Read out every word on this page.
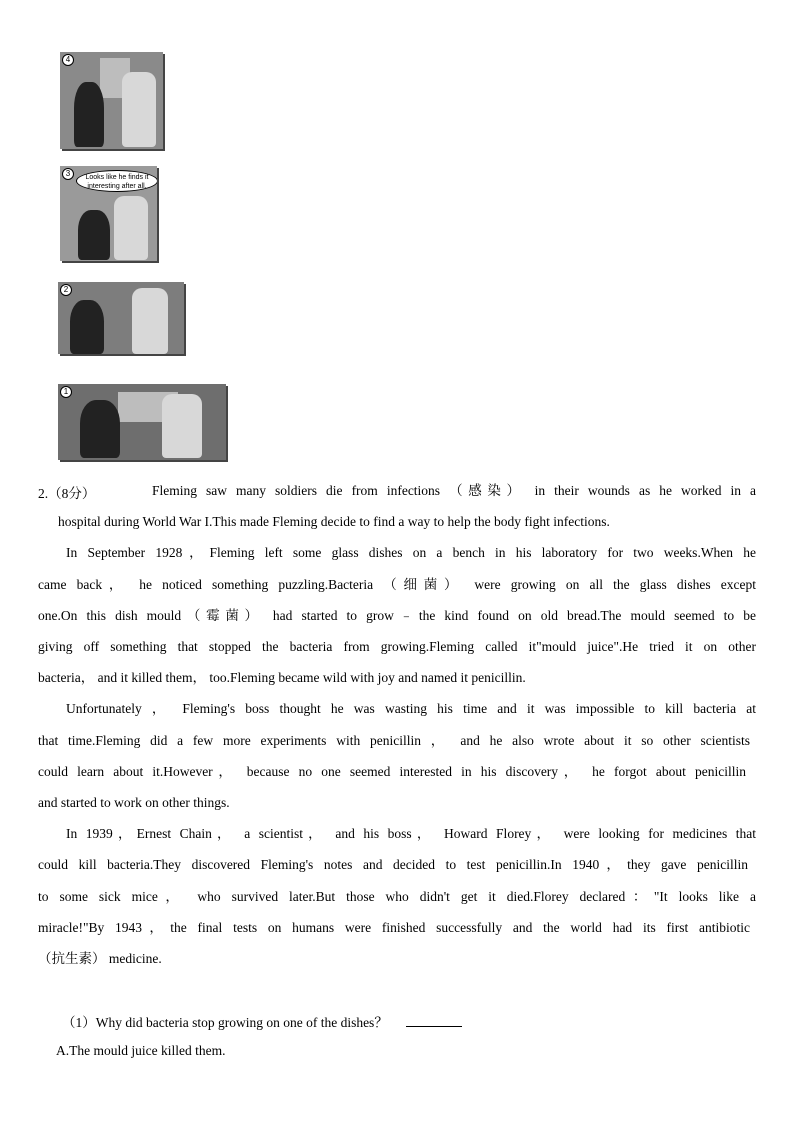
4
Looks like he finds it interesting after all.
3
2
1
2.（8分）	Fleming saw many soldiers die from infections （感染） in their wounds as he worked in a
hospital during World War I.This made Fleming decide to find a way to help the body fight infections.
In September 1928，Fleming left some glass dishes on a bench in his laboratory for two weeks.When he
came back， he noticed something puzzling.Bacteria （细菌） were growing on all the glass dishes except
one.On this dish mould（霉菌） had started to grow﹣the kind found on old bread.The mould seemed to be
giving off something that stopped the bacteria from growing.Fleming called it"mould juice".He tried it on other
bacteria， and it killed them， too.Fleming became wild with joy and named it penicillin.
Unfortunately ， Fleming's boss thought he was wasting his time and it was impossible to kill bacteria at
that time.Fleming did a few more experiments with penicillin ， and he also wrote about it so other scientists
could learn about it.However， because no one seemed interested in his discovery， he forgot about penicillin
and started to work on other things.
In 1939，Ernest Chain， a scientist， and his boss， Howard Florey， were looking for medicines that
could kill bacteria.They discovered Fleming's notes and decided to test penicillin.In 1940，they gave penicillin
to some sick mice， who survived later.But those who didn't get it died.Florey declared："It looks like a
miracle!"By 1943，the final tests on humans were finished successfully and the world had its first antibiotic
（抗生素） medicine.
（1）Why did bacteria stop growing on one of the dishes？
A.The mould juice killed them.
